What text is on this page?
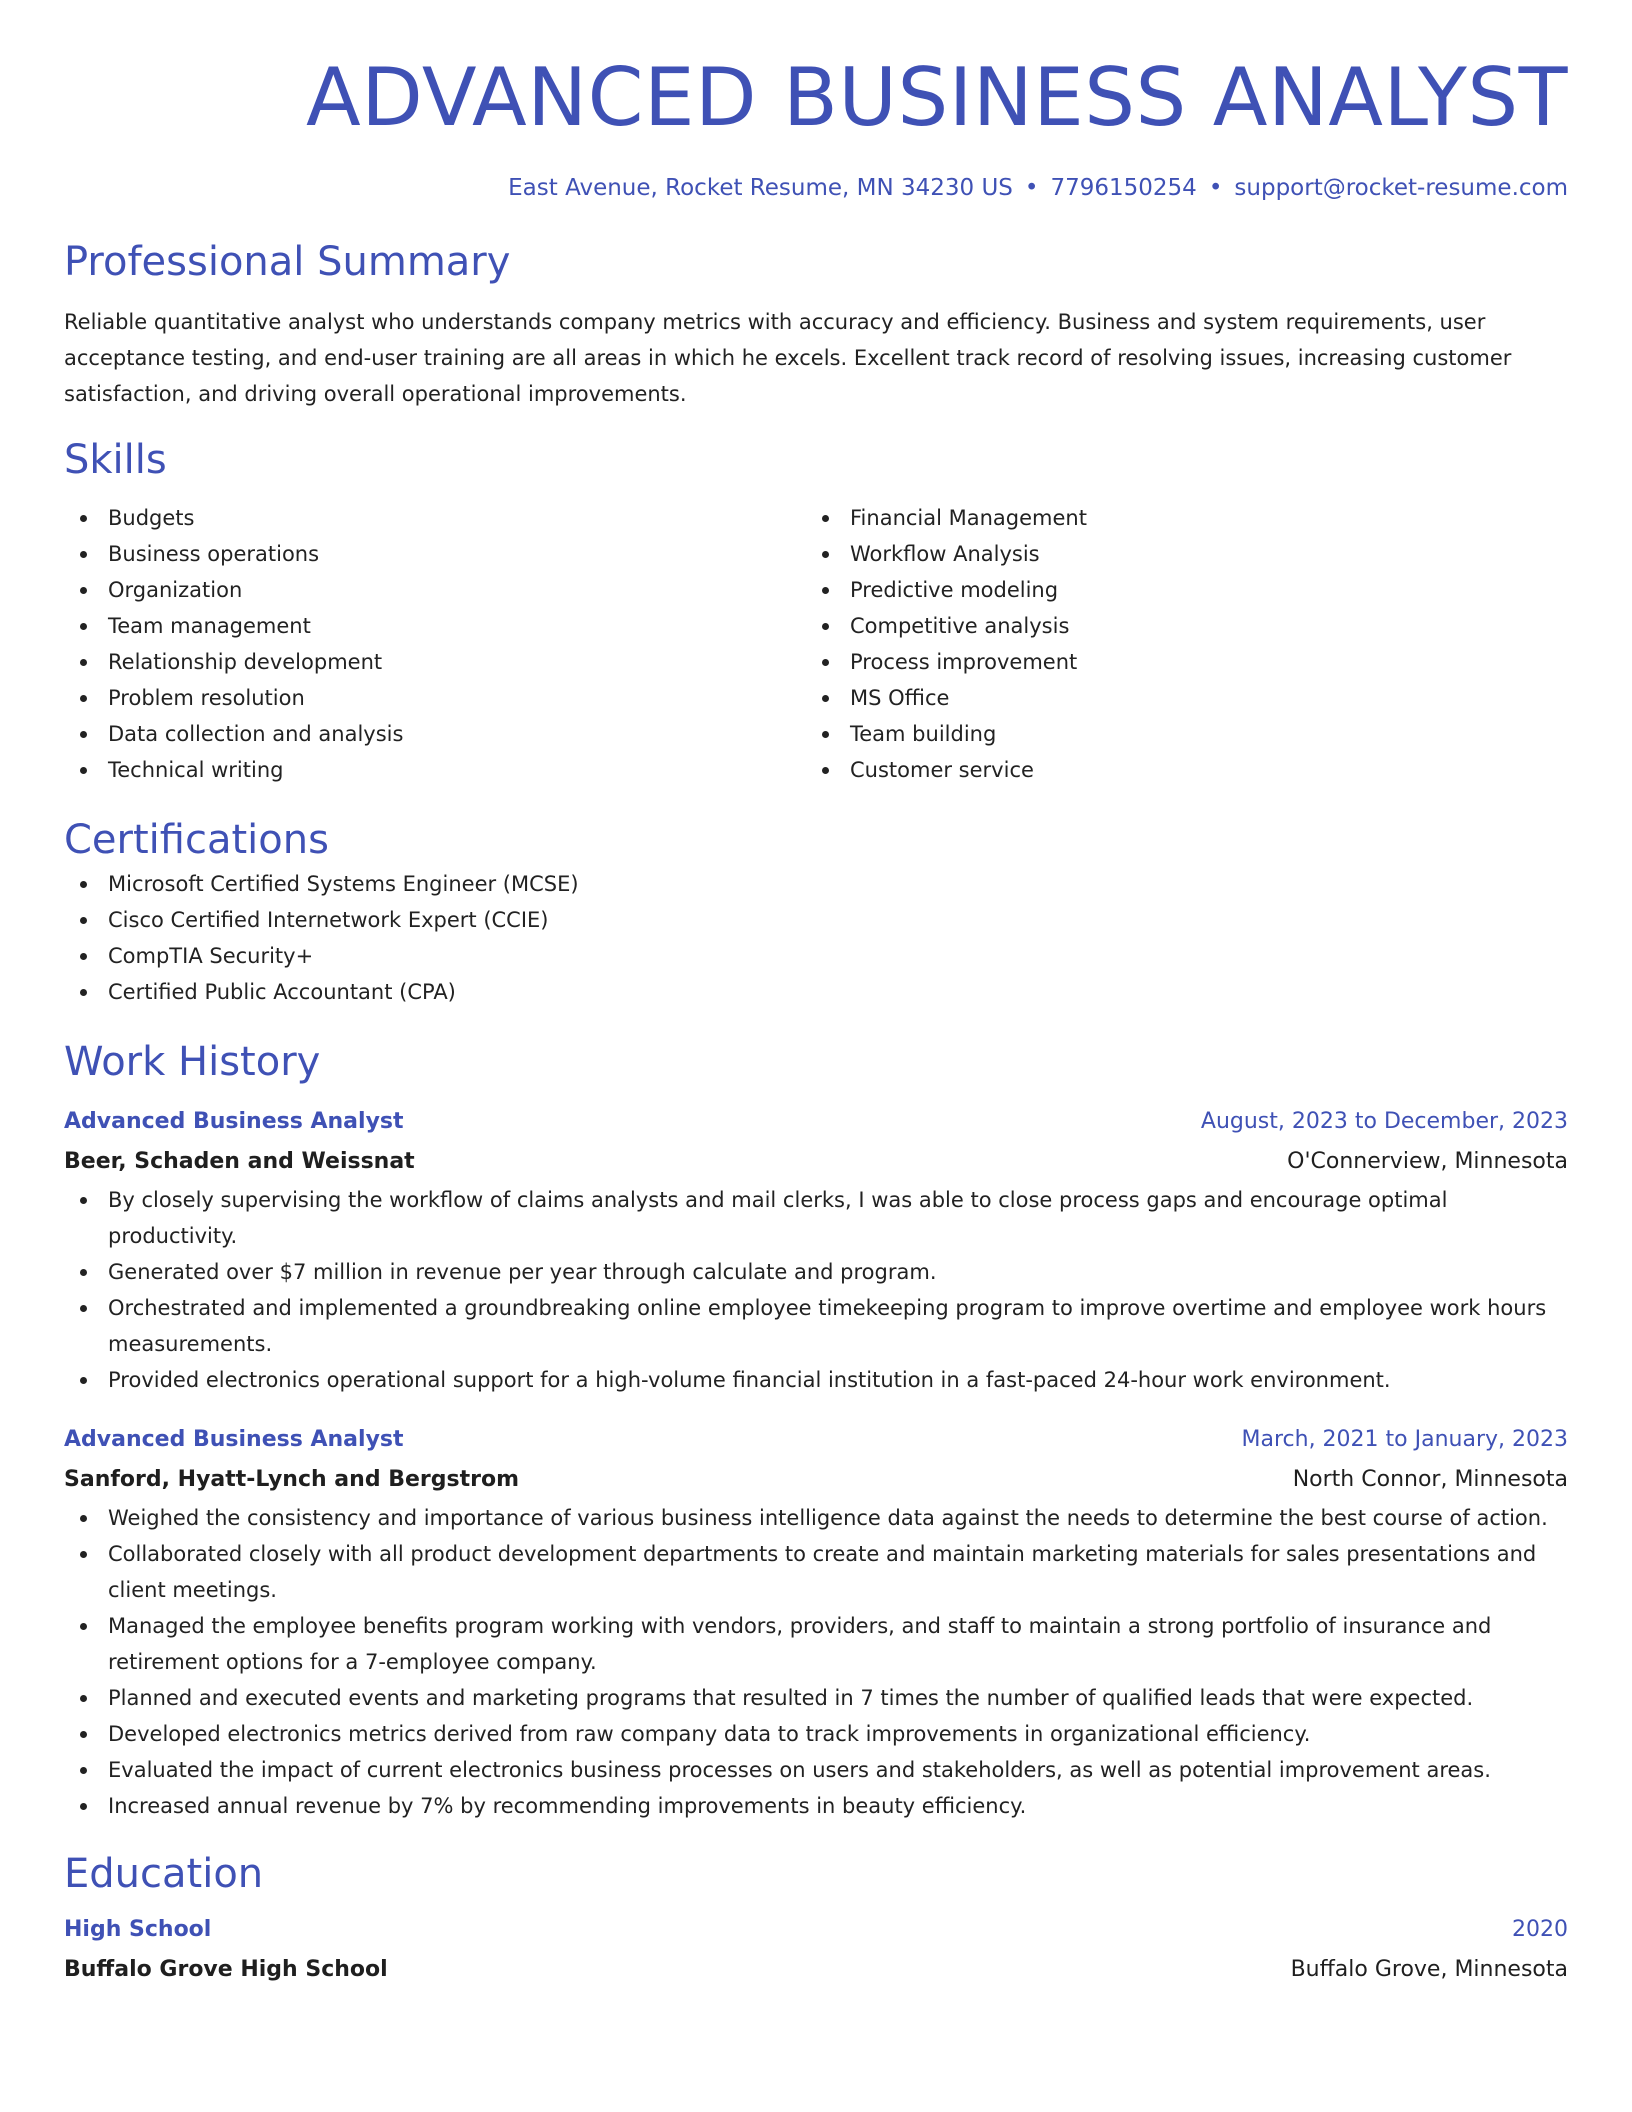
ADVANCED BUSINESS ANALYST
East Avenue, Rocket Resume, MN 34230 US • 7796150254 • support@rocket-resume.com
Professional Summary
Reliable quantitative analyst who understands company metrics with accuracy and efficiency. Business and system requirements, user acceptance testing, and end-user training are all areas in which he excels. Excellent track record of resolving issues, increasing customer satisfaction, and driving overall operational improvements.
Skills
Budgets
Business operations
Organization
Team management
Relationship development
Problem resolution
Data collection and analysis
Technical writing
Financial Management
Workflow Analysis
Predictive modeling
Competitive analysis
Process improvement
MS Office
Team building
Customer service
Certifications
Microsoft Certified Systems Engineer (MCSE)
Cisco Certified Internetwork Expert (CCIE)
CompTIA Security+
Certified Public Accountant (CPA)
Work History
Advanced Business Analyst	August, 2023 to December, 2023
Beer, Schaden and Weissnat	O'Connerview, Minnesota
By closely supervising the workflow of claims analysts and mail clerks, I was able to close process gaps and encourage optimal productivity.
Generated over $7 million in revenue per year through calculate and program.
Orchestrated and implemented a groundbreaking online employee timekeeping program to improve overtime and employee work hours measurements.
Provided electronics operational support for a high-volume financial institution in a fast-paced 24-hour work environment.
Advanced Business Analyst	March, 2021 to January, 2023
Sanford, Hyatt-Lynch and Bergstrom	North Connor, Minnesota
Weighed the consistency and importance of various business intelligence data against the needs to determine the best course of action.
Collaborated closely with all product development departments to create and maintain marketing materials for sales presentations and client meetings.
Managed the employee benefits program working with vendors, providers, and staff to maintain a strong portfolio of insurance and retirement options for a 7-employee company.
Planned and executed events and marketing programs that resulted in 7 times the number of qualified leads that were expected.
Developed electronics metrics derived from raw company data to track improvements in organizational efficiency.
Evaluated the impact of current electronics business processes on users and stakeholders, as well as potential improvement areas.
Increased annual revenue by 7% by recommending improvements in beauty efficiency.
Education
High School	2020
Buffalo Grove High School	Buffalo Grove, Minnesota
